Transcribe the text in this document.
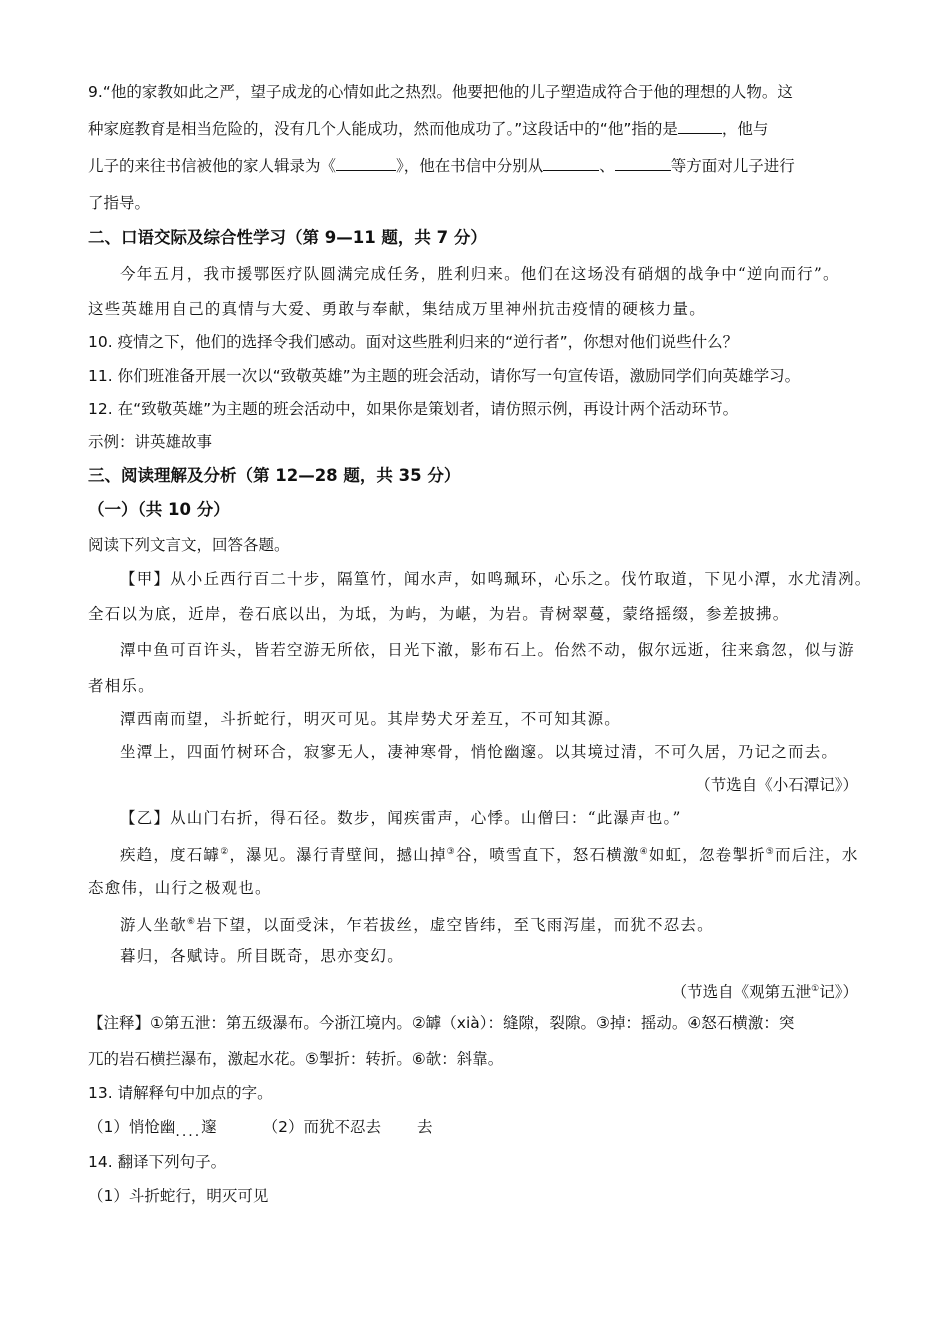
9.“他的家教如此之严，望子成龙的心情如此之热烈。他要把他的儿子塑造成符合于他的理想的人物。这
种家庭教育是相当危险的，没有几个人能成功，然而他成功了。”这段话中的“他”指的是	，他与
儿子的来往书信被他的家人辑录为《	》，他在书信中分别从	、	等方面对儿子进行
了指导。
二、口语交际及综合性学习（第 9—11 题，共 7 分）
今年五月，我市援鄂医疗队圆满完成任务，胜利归来。他们在这场没有硝烟的战争中“逆向而行”。
这些英雄用自己的真情与大爱、勇敢与奉献，集结成万里神州抗击疫情的硬核力量。
10. 疫情之下，他们的选择令我们感动。面对这些胜利归来的“逆行者”，你想对他们说些什么？
11. 你们班准备开展一次以“致敬英雄”为主题的班会活动，请你写一句宣传语，激励同学们向英雄学习。
12. 在“致敬英雄”为主题的班会活动中，如果你是策划者，请仿照示例，再设计两个活动环节。
示例：讲英雄故事
三、阅读理解及分析（第 12—28 题，共 35 分）
（一）（共 10 分）
阅读下列文言文，回答各题。
【甲】从小丘西行百二十步，隔篁竹，闻水声，如鸣珮环，心乐之。伐竹取道，下见小潭，水尤清冽。
全石以为底，近岸，卷石底以出，为坻，为屿，为嵁，为岩。青树翠蔓，蒙络摇缀，参差披拂。
潭中鱼可百许头，皆若空游无所依，日光下澈，影布石上。佁然不动，俶尔远逝，往来翕忽，似与游
者相乐。
潭西南而望，斗折蛇行，明灭可见。其岸势犬牙差互，不可知其源。
坐潭上，四面竹树环合，寂寥无人，凄神寒骨，悄怆幽邃。以其境过清，不可久居，乃记之而去。
（节选自《小石潭记》）
【乙】从山门右折，得石径。数步，闻疾雷声，心悸。山僧曰：“此瀑声也。”
疾趋，度石罅②，瀑见。瀑行青壁间，撼山掉③谷，喷雪直下，怒石横激④如虹，忽卷掣折⑤而后注，水
态愈伟，山行之极观也。
游人坐欹⑥岩下望，以面受沫，乍若拔丝，虚空皆纬，至飞雨泻崖，而犹不忍去。
暮归，各赋诗。所目既奇，思亦变幻。
（节选自《观第五泄①记》）
【注释】①第五泄：第五级瀑布。今浙江境内。②罅（xià）：缝隙，裂隙。③掉：摇动。④怒石横激：突
兀的岩石横拦瀑布，激起水花。⑤掣折：转折。⑥欹：斜靠。
13. 请解释句中加点的字。
（1）悄怆幽....邃	（2）而犹不忍去 去
14. 翻译下列句子。
（1）斗折蛇行，明灭可见
